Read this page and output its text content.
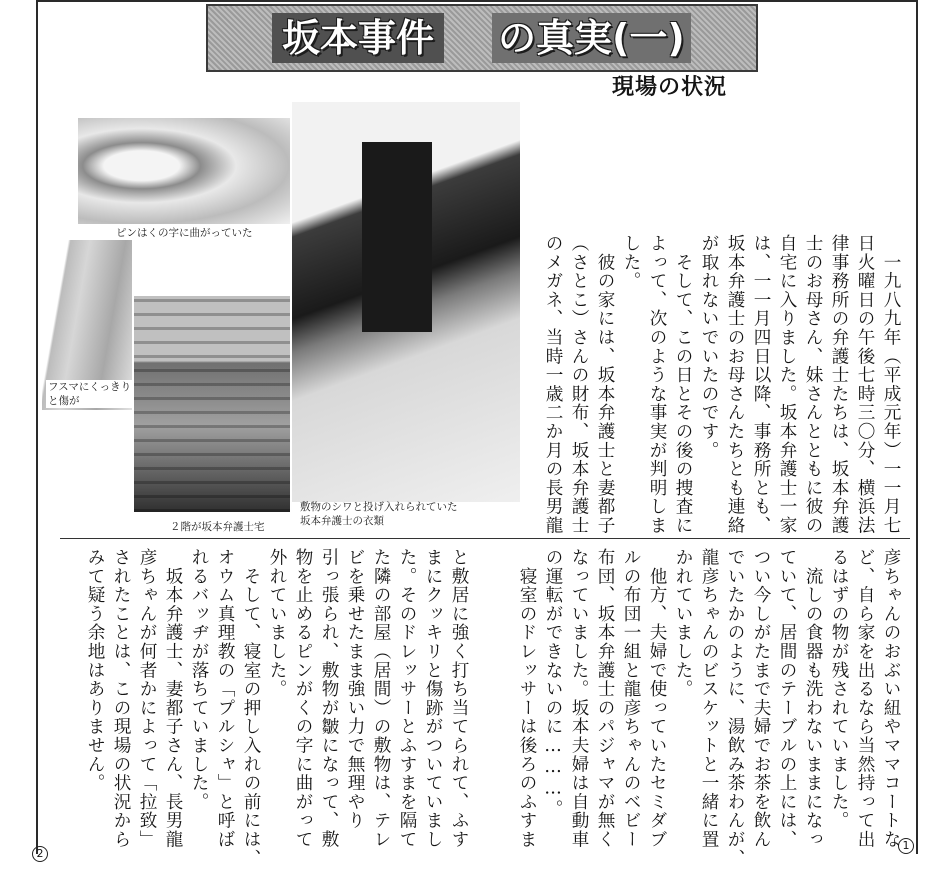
坂本事件 の真実(一)
現場の状況
ピンはくの字に曲がっていた
フスマにくっきり
と傷が
２階が坂本弁護士宅
敷物のシワと投げ入れられていた
坂本弁護士の衣類	　一九八九年（平成元年）一一月七
日火曜日の午後七時三〇分、横浜法
律事務所の弁護士たちは、坂本弁護
士のお母さん、妹さんとともに彼の
自宅に入りました。坂本弁護士一家
は、一一月四日以降、事務所とも、
坂本弁護士のお母さんたちとも連絡
が取れないでいたのです。
　そして、この日とその後の捜査に
よって、次のような事実が判明しま
した。
　彼の家には、坂本弁護士と妻都子
（さとこ）さんの財布、坂本弁護士
のメガネ、当時一歳二か月の長男龍
彦ちゃんのおぶい紐やママコートな
ど、自ら家を出るなら当然持って出
るはずの物が残されていました。
　流しの食器も洗わないままになっ
ていて、居間のテーブルの上には、
つい今しがたまで夫婦でお茶を飲ん
でいたかのように、湯飲み茶わんが、
龍彦ちゃんのビスケットと一緒に置
かれていました。
　他方、夫婦で使っていたセミダブ
ルの布団一組と龍彦ちゃんのベビー
布団、坂本弁護士のパジャマが無く
なっていました。坂本夫婦は自動車
の運転ができないのに………。
　寝室のドレッサーは後ろのふすま
と敷居に強く打ち当てられて、ふす
まにクッキリと傷跡がついていまし
た。そのドレッサーとふすまを隔て
た隣の部屋（居間）の敷物は、テレ
ビを乗せたまま強い力で無理やり
引っ張られ、敷物が皺になって、敷
物を止めるピンがくの字に曲がって
外れていました。
　そして、寝室の押し入れの前には、
オウム真理教の「プルシャ」と呼ば
れるバッヂが落ちていました。
　坂本弁護士、妻都子さん、長男龍
彦ちゃんが何者かによって「拉致」
されたことは、この現場の状況から
みて疑う余地はありません。
2
1
